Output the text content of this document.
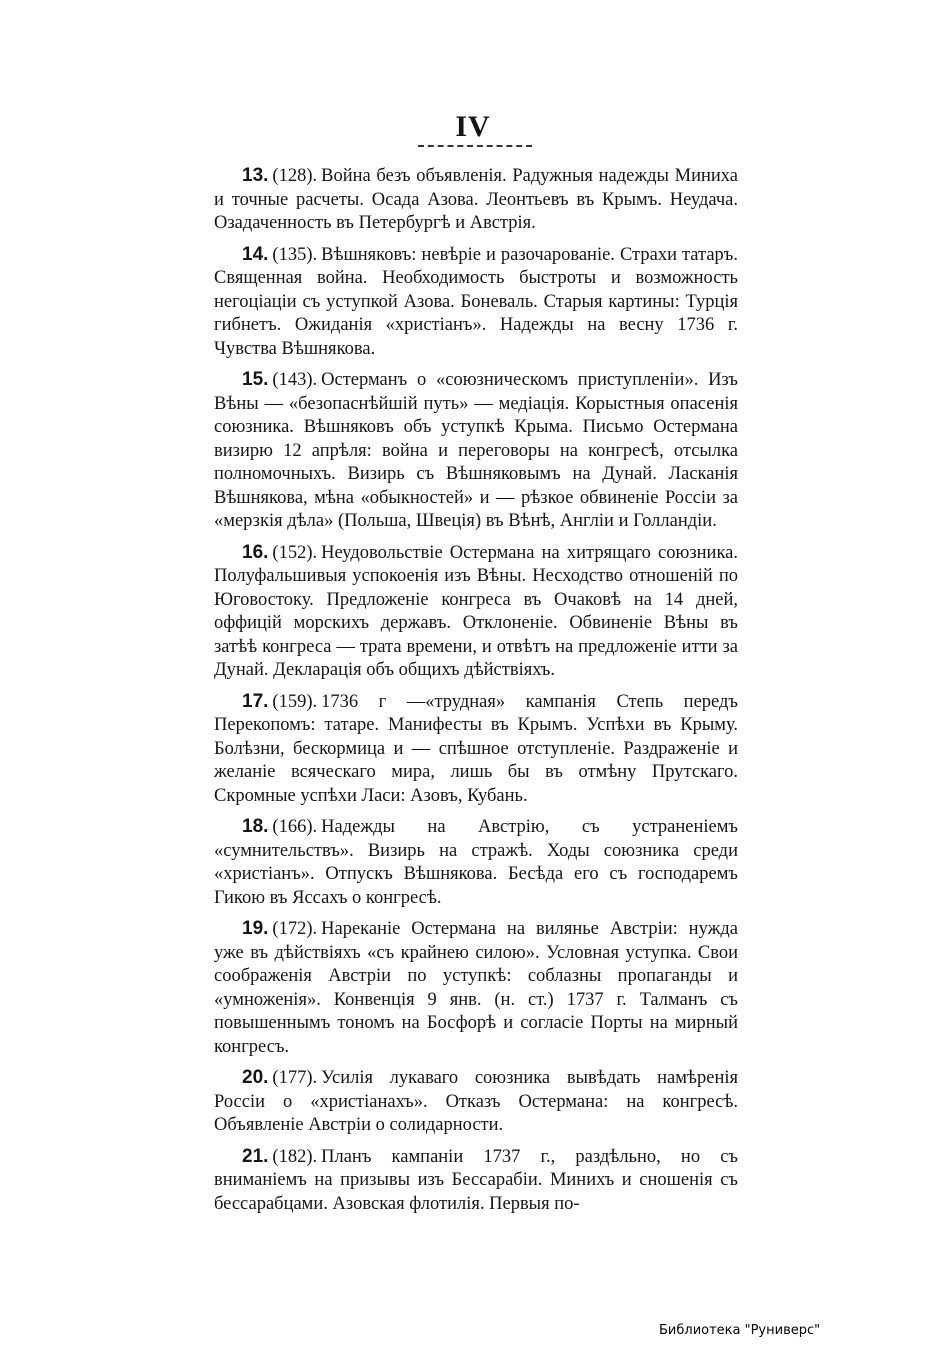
IV

13. (128). Война безъ объявленія. Радужныя надежды Миниха и точные расчеты. Осада Азова. Леонтьевъ въ Крымъ. Неудача. Озадаченность въ Петербургѣ и Австрія.

14. (135). Вѣшняковъ: невѣріе и разочарованіе. Страхи татаръ. Священная война. Необходимость быстроты и возможность негоціаціи съ уступкой Азова. Боневаль. Старыя картины: Турція гибнетъ. Ожиданія «христіанъ». Надежды на весну 1736 г. Чувства Вѣшнякова.

15. (143). Остерманъ о «союзническомъ приступленіи». Изъ Вѣны — «безопаснѣйшій путь» — медіація. Корыстныя опасенія союзника. Вѣшняковъ объ уступкѣ Крыма. Письмо Остермана визирю 12 апрѣля: война и переговоры на конгресѣ, отсылка полномочныхъ. Визирь съ Вѣшняковымъ на Дунай. Ласканія Вѣшнякова, мѣна «обыкностей» и — рѣзкое обвиненіе Россіи за «мерзкія дѣла» (Польша, Швеція) въ Вѣнѣ, Англіи и Голландіи.

16. (152). Неудовольствіе Остермана на хитрящаго союзника. Полуфальшивыя успокоенія изъ Вѣны. Несходство отношеній по Юговостоку. Предложеніе конгреса въ Очаковѣ на 14 дней, оффицій морскихъ державъ. Отклоненіе. Обвиненіе Вѣны въ затѣѣ конгреса — трата времени, и отвѣтъ на предложеніе итти за Дунай. Декларація объ общихъ дѣйствіяхъ.

17. (159). 1736 г —«трудная» кампанія Степь передъ Перекопомъ: татаре. Манифесты въ Крымъ. Успѣхи въ Крыму. Болѣзни, бескормица и — спѣшное отступленіе. Раздраженіе и желаніе всяческаго мира, лишь бы въ отмѣну Прутскаго. Скромные успѣхи Ласи: Азовъ, Кубань.

18. (166). Надежды на Австрію, съ устраненіемъ «сумнительствъ». Визирь на стражѣ. Ходы союзника среди «христіанъ». Отпускъ Вѣшнякова. Бесѣда его съ господаремъ Гикою въ Яссахъ о конгресѣ.

19. (172). Нареканіе Остермана на виляньe Австріи: нужда уже въ дѣйствіяхъ «съ крайнею силою». Условная уступка. Свои соображенія Австріи по уступкѣ: соблазны пропаганды и «умноженія». Конвенція 9 янв. (н. ст.) 1737 г. Талманъ съ повышеннымъ тономъ на Босфорѣ и согласіе Порты на мирный конгресъ.

20. (177). Усилія лукаваго союзника вывѣдать намѣренія Россіи о «христіанахъ». Отказъ Остермана: на конгресѣ. Объявленіе Австріи о солидарности.

21. (182). Планъ кампаніи 1737 г., раздѣльно, но съ вниманіемъ на призывы изъ Бессарабіи. Минихъ и сношенія съ бессарабцами. Азовская флотилія. Первыя по-

Библиотека "Руниверс"
